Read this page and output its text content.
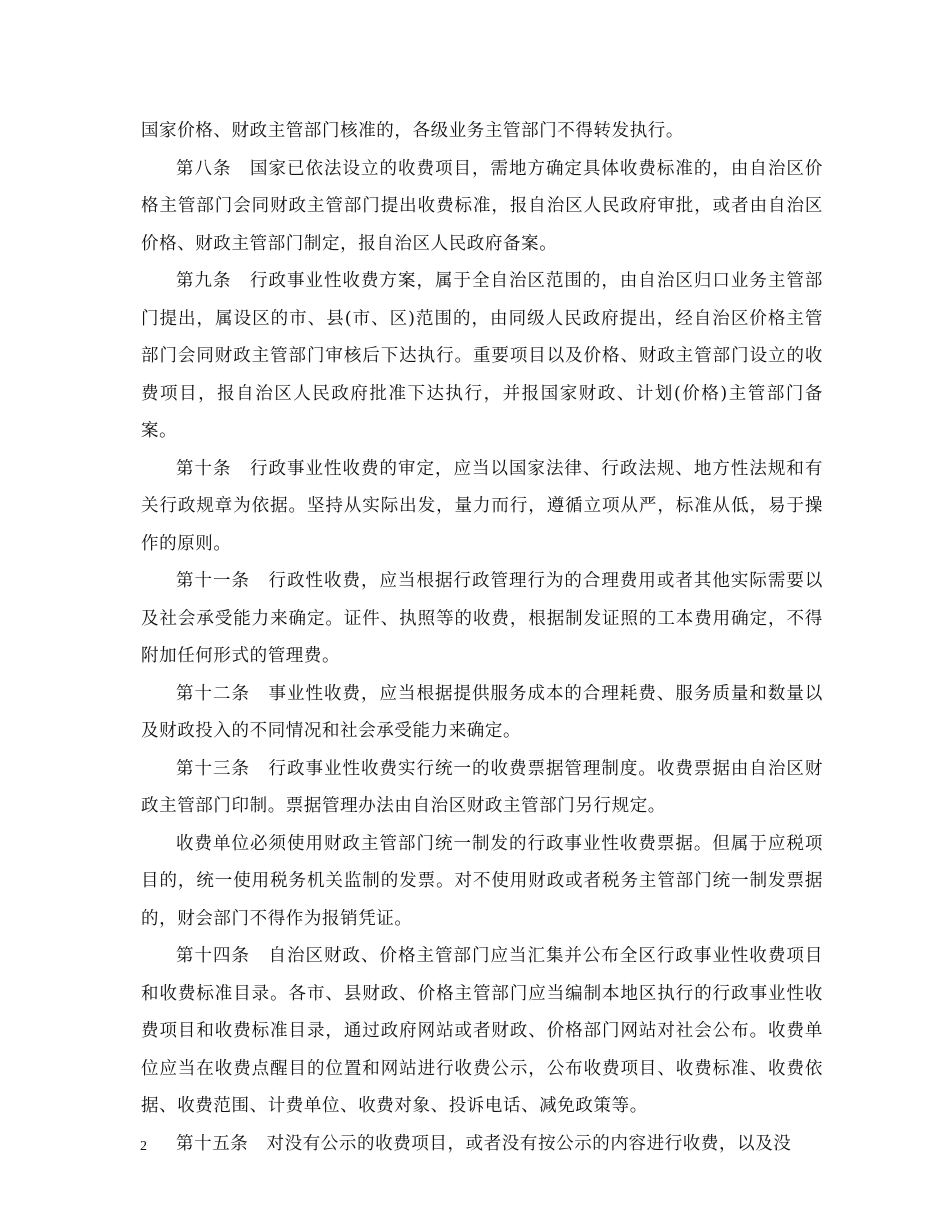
国家价格、财政主管部门核准的，各级业务主管部门不得转发执行。

第八条　国家已依法设立的收费项目，需地方确定具体收费标准的，由自治区价格主管部门会同财政主管部门提出收费标准，报自治区人民政府审批，或者由自治区价格、财政主管部门制定，报自治区人民政府备案。

第九条　行政事业性收费方案，属于全自治区范围的，由自治区归口业务主管部门提出，属设区的市、县(市、区)范围的，由同级人民政府提出，经自治区价格主管部门会同财政主管部门审核后下达执行。重要项目以及价格、财政主管部门设立的收费项目，报自治区人民政府批准下达执行，并报国家财政、计划(价格)主管部门备案。

第十条　行政事业性收费的审定，应当以国家法律、行政法规、地方性法规和有关行政规章为依据。坚持从实际出发，量力而行，遵循立项从严，标准从低，易于操作的原则。

第十一条　行政性收费，应当根据行政管理行为的合理费用或者其他实际需要以及社会承受能力来确定。证件、执照等的收费，根据制发证照的工本费用确定，不得附加任何形式的管理费。

第十二条　事业性收费，应当根据提供服务成本的合理耗费、服务质量和数量以及财政投入的不同情况和社会承受能力来确定。

第十三条　行政事业性收费实行统一的收费票据管理制度。收费票据由自治区财政主管部门印制。票据管理办法由自治区财政主管部门另行规定。

收费单位必须使用财政主管部门统一制发的行政事业性收费票据。但属于应税项目的，统一使用税务机关监制的发票。对不使用财政或者税务主管部门统一制发票据的，财会部门不得作为报销凭证。

第十四条　自治区财政、价格主管部门应当汇集并公布全区行政事业性收费项目和收费标准目录。各市、县财政、价格主管部门应当编制本地区执行的行政事业性收费项目和收费标准目录，通过政府网站或者财政、价格部门网站对社会公布。收费单位应当在收费点醒目的位置和网站进行收费公示，公布收费项目、收费标准、收费依据、收费范围、计费单位、收费对象、投诉电话、减免政策等。

第十五条　对没有公示的收费项目，或者没有按公示的内容进行收费，以及没

2
